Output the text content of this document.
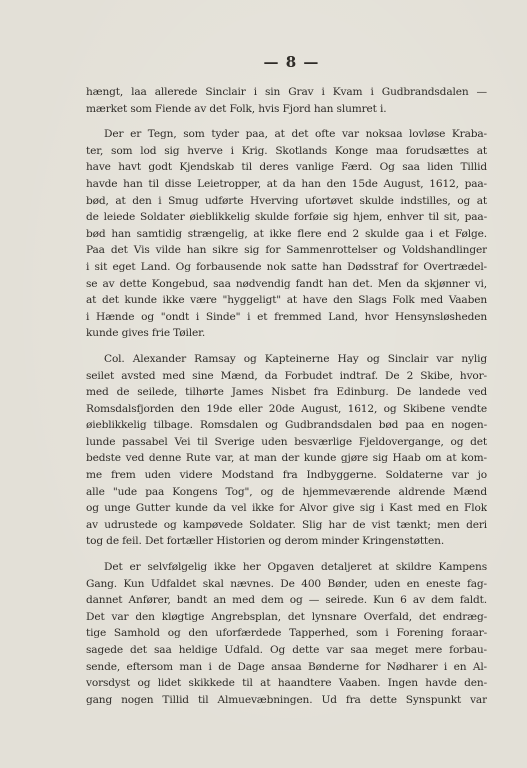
— 8 —
hængt, laa allerede Sinclair i sin Grav i Kvam i Gudbrandsdalen —
mærket som Fiende av det Folk, hvis Fjord han slumret i.
Der er Tegn, som tyder paa, at det ofte var noksaa lovløse Kraba-
ter, som lod sig hverve i Krig. Skotlands Konge maa forudsættes at
have havt godt Kjendskab til deres vanlige Færd. Og saa liden Tillid
havde han til disse Leietropper, at da han den 15de August, 1612, paa-
bød, at den i Smug udførte Hverving ufortøvet skulde indstilles, og at
de leiede Soldater øieblikkelig skulde forføie sig hjem, enhver til sit, paa-
bød han samtidig strængelig, at ikke flere end 2 skulde gaa i et Følge.
Paa det Vis vilde han sikre sig for Sammenrottelser og Voldshandlinger
i sit eget Land. Og forbausende nok satte han Dødsstraf for Overtrædel-
se av dette Kongebud, saa nødvendig fandt han det. Men da skjønner vi,
at det kunde ikke være "hyggeligt" at have den Slags Folk med Vaaben
i Hænde og "ondt i Sinde" i et fremmed Land, hvor Hensynsløsheden
kunde gives frie Tøiler.
Col. Alexander Ramsay og Kapteinerne Hay og Sinclair var nylig
seilet avsted med sine Mænd, da Forbudet indtraf. De 2 Skibe, hvor-
med de seilede, tilhørte James Nisbet fra Edinburg. De landede ved
Romsdalsfjorden den 19de eller 20de August, 1612, og Skibene vendte
øieblikkelig tilbage. Romsdalen og Gudbrandsdalen bød paa en nogen-
lunde passabel Vei til Sverige uden besværlige Fjeldovergange, og det
bedste ved denne Rute var, at man der kunde gjøre sig Haab om at kom-
me frem uden videre Modstand fra Indbyggerne. Soldaterne var jo
alle "ude paa Kongens Tog", og de hjemmeværende aldrende Mænd
og unge Gutter kunde da vel ikke for Alvor give sig i Kast med en Flok
av udrustede og kampøvede Soldater. Slig har de vist tænkt; men deri
tog de feil. Det fortæller Historien og derom minder Kringenstøtten.
Det er selvfølgelig ikke her Opgaven detaljeret at skildre Kampens
Gang. Kun Udfaldet skal nævnes. De 400 Bønder, uden en eneste fag-
dannet Anfører, bandt an med dem og — seirede. Kun 6 av dem faldt.
Det var den kløgtige Angrebsplan, det lynsnare Overfald, det endræg-
tige Samhold og den uforfærdede Tapperhed, som i Forening foraar-
sagede det saa heldige Udfald. Og dette var saa meget mere forbau-
sende, eftersom man i de Dage ansaa Bønderne for Nødharer i en Al-
vorsdyst og lidet skikkede til at haandtere Vaaben. Ingen havde den-
gang nogen Tillid til Almuevæbningen. Ud fra dette Synspunkt var
